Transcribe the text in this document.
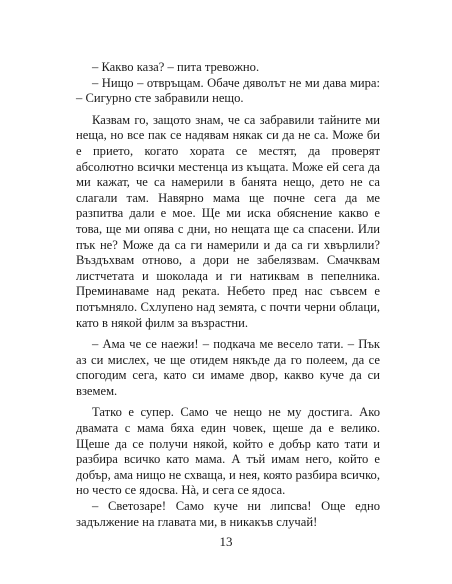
– Какво каза? – пита тревожно.

– Нищо – отвръщам. Обаче дяволът не ми дава мира: – Сигурно сте забравили нещо.

Казвам го, защото знам, че са забравили тайните ми неща, но все пак се надявам някак си да не са. Може би е прието, когато хората се местят, да проверят абсолютно всички местенца из къщата. Може ей сега да ми кажат, че са намерили в банята нещо, дето не са слагали там. Навярно мама ще почне сега да ме разпитва дали е мое. Ще ми иска обяснение какво е това, ще ми опява с дни, но нещата ще са спасени. Или пък не? Може да са ги намерили и да са ги хвърлили? Въздъхвам отново, а дори не забелязвам. Смачквам листчетата и шоколада и ги натиквам в пепелника. Преминаваме над реката. Небето пред нас съвсем е потъмняло. Схлупено над земята, с почти черни облаци, като в някой филм за възрастни.

– Ама че се наежи! – подкача ме весело тати. – Пък аз си мислех, че ще отидем някъде да го полеем, да се спогодим сега, като си имаме двор, какво куче да си вземем.

Татко е супер. Само че нещо не му достига. Ако двамата с мама бяха един човек, щеше да е велико. Щеше да се получи някой, който е добър като тати и разбира всичко като мама. А тъй имам него, който е добър, ама нищо не схваща, и нея, която разбира всичко, но често се ядосва. Нà, и сега се ядоса.

– Светозаре! Само куче ни липсва! Още едно задължение на главата ми, в никакъв случай!

13
